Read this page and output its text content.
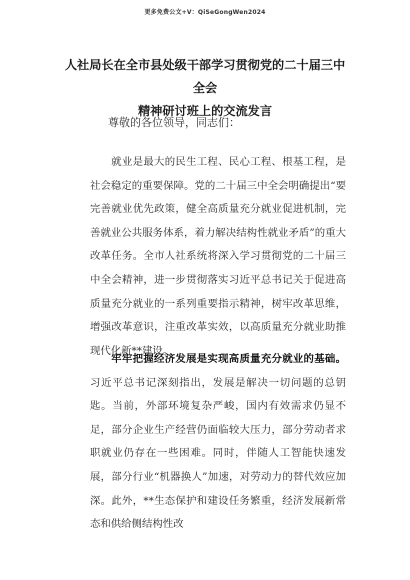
更多免费公文+V：QiSeGongWen2024
人社局长在全市县处级干部学习贯彻党的二十届三中全会
精神研讨班上的交流发言
尊敬的各位领导，同志们：

就业是最大的民生工程、民心工程、根基工程，是社会稳定的重要保障。党的二十届三中全会明确提出“要完善就业优先政策，健全高质量充分就业促进机制，完善就业公共服务体系，着力解决结构性就业矛盾”的重大改革任务。全市人社系统将深入学习贯彻党的二十届三中全会精神，进一步贯彻落实习近平总书记关于促进高质量充分就业的一系列重要指示精神，树牢改革思维，增强改革意识，注重改革实效，以高质量充分就业助推现代化新**建设。

牢牢把握经济发展是实现高质量充分就业的基础。习近平总书记深刻指出，发展是解决一切问题的总钥匙。当前，外部环境复杂严峻，国内有效需求仍显不足，部分企业生产经营仍面临较大压力，部分劳动者求职就业仍存在一些困难。同时，伴随人工智能快速发展，部分行业“机器换人”加速，对劳动力的替代效应加深。此外，**生态保护和建设任务繁重，经济发展新常态和供给侧结构性改
